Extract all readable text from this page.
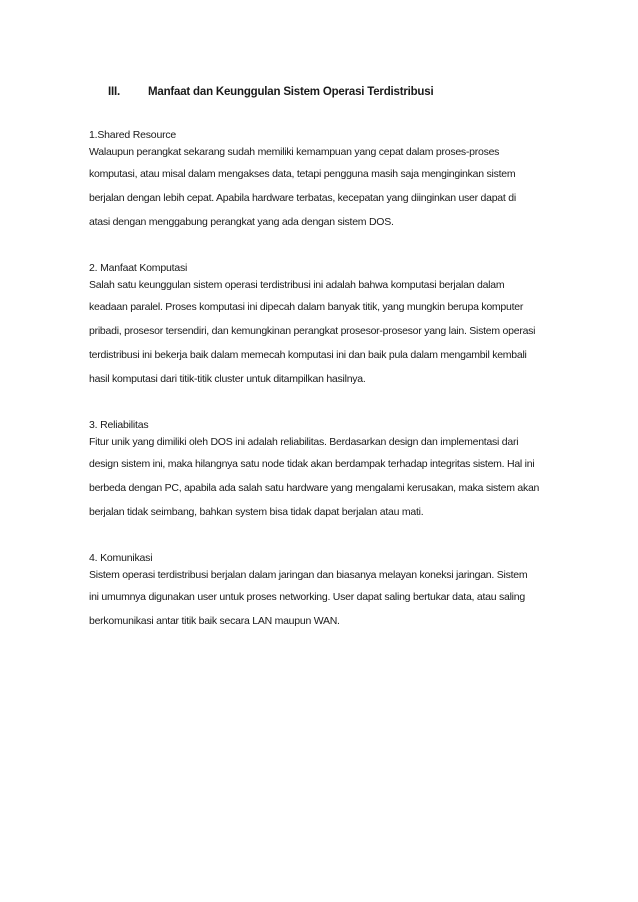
III. Manfaat dan Keunggulan Sistem Operasi Terdistribusi
1.Shared Resource
Walaupun perangkat sekarang sudah memiliki kemampuan yang cepat dalam proses-proses
komputasi, atau misal dalam mengakses data, tetapi pengguna masih saja menginginkan sistem
berjalan dengan lebih cepat. Apabila hardware terbatas, kecepatan yang diinginkan user dapat di
atasi dengan menggabung perangkat yang ada dengan sistem DOS.
2. Manfaat Komputasi
Salah satu keunggulan sistem operasi terdistribusi ini adalah bahwa komputasi berjalan dalam
keadaan paralel. Proses komputasi ini dipecah dalam banyak titik, yang mungkin berupa komputer
pribadi, prosesor tersendiri, dan kemungkinan perangkat prosesor-prosesor yang lain. Sistem operasi
terdistribusi ini bekerja baik dalam memecah komputasi ini dan baik pula dalam mengambil kembali
hasil komputasi dari titik-titik cluster untuk ditampilkan hasilnya.
3. Reliabilitas
Fitur unik yang dimiliki oleh DOS ini adalah reliabilitas. Berdasarkan design dan implementasi dari
design sistem ini, maka hilangnya satu node tidak akan berdampak terhadap integritas sistem. Hal ini
berbeda dengan PC, apabila ada salah satu hardware yang mengalami kerusakan, maka sistem akan
berjalan tidak seimbang, bahkan system bisa tidak dapat berjalan atau mati.
4. Komunikasi
Sistem operasi terdistribusi berjalan dalam jaringan dan biasanya melayan koneksi jaringan. Sistem
ini umumnya digunakan user untuk proses networking. User dapat saling bertukar data, atau saling
berkomunikasi antar titik baik secara LAN maupun WAN.
